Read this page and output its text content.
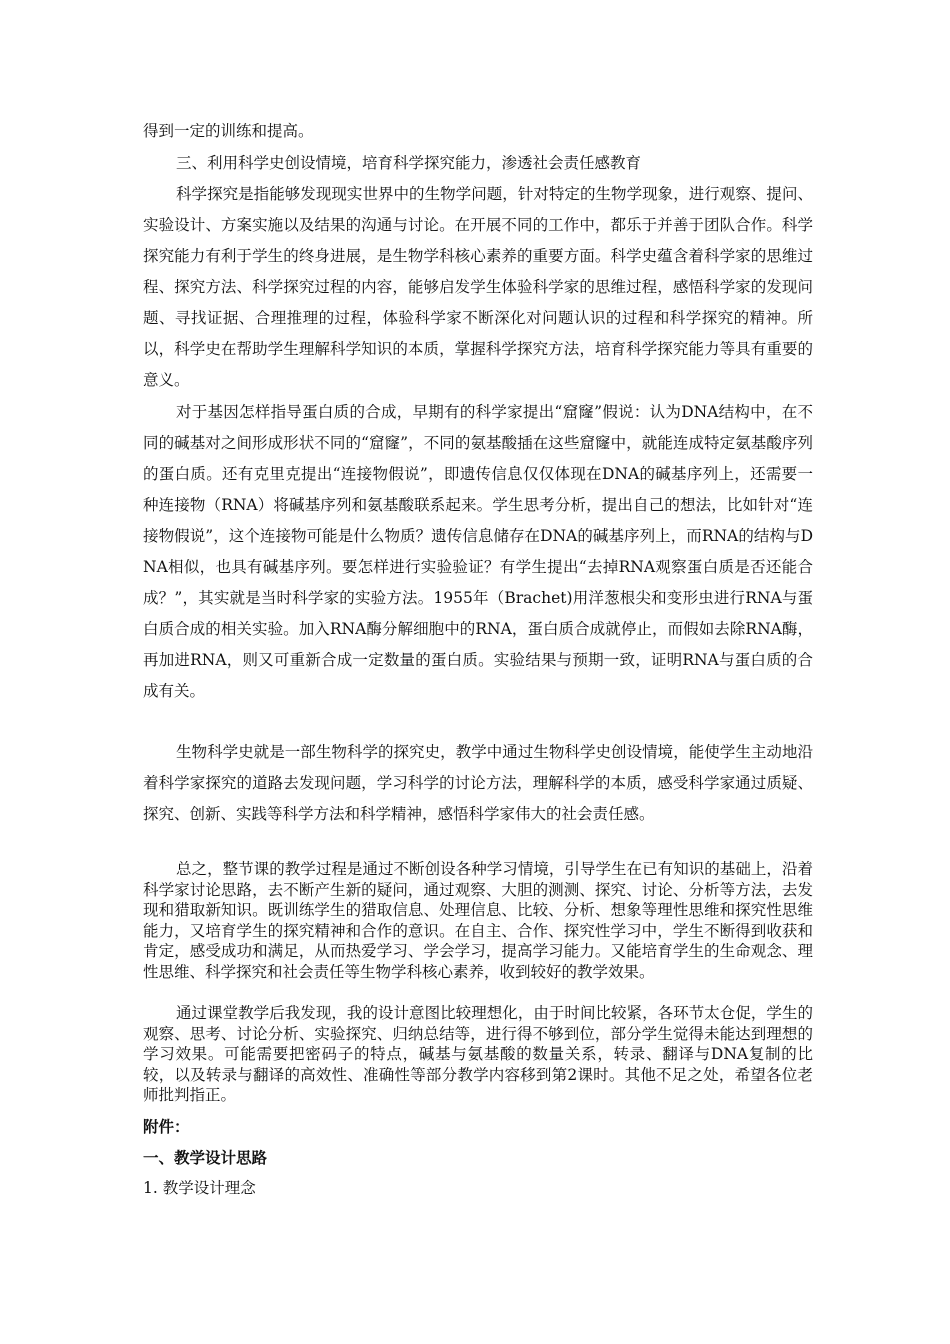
得到一定的训练和提高。

三、利用科学史创设情境，培育科学探究能力，渗透社会责任感教育

科学探究是指能够发现现实世界中的生物学问题，针对特定的生物学现象，进行观察、提问、实验设计、方案实施以及结果的沟通与讨论。在开展不同的工作中，都乐于并善于团队合作。科学探究能力有利于学生的终身进展，是生物学科核心素养的重要方面。科学史蕴含着科学家的思维过程、探究方法、科学探究过程的内容，能够启发学生体验科学家的思维过程，感悟科学家的发现问题、寻找证据、合理推理的过程，体验科学家不断深化对问题认识的过程和科学探究的精神。所以，科学史在帮助学生理解科学知识的本质，掌握科学探究方法，培育科学探究能力等具有重要的意义。

对于基因怎样指导蛋白质的合成，早期有的科学家提出“窟窿”假说：认为DNA结构中，在不同的碱基对之间形成形状不同的“窟窿”，不同的氨基酸插在这些窟窿中，就能连成特定氨基酸序列的蛋白质。还有克里克提出“连接物假说”，即遗传信息仅仅体现在DNA的碱基序列上，还需要一种连接物（RNA）将碱基序列和氨基酸联系起来。学生思考分析，提出自己的想法，比如针对“连接物假说”，这个连接物可能是什么物质？遗传信息储存在DNA的碱基序列上，而RNA的结构与DNA相似，也具有碱基序列。要怎样进行实验验证？有学生提出“去掉RNA观察蛋白质是否还能合成？”，其实就是当时科学家的实验方法。1955年（Brachet)用洋葱根尖和变形虫进行RNA与蛋白质合成的相关实验。加入RNA酶分解细胞中的RNA，蛋白质合成就停止，而假如去除RNA酶，再加进RNA，则又可重新合成一定数量的蛋白质。实验结果与预期一致，证明RNA与蛋白质的合成有关。

生物科学史就是一部生物科学的探究史，教学中通过生物科学史创设情境，能使学生主动地沿着科学家探究的道路去发现问题，学习科学的讨论方法，理解科学的本质，感受科学家通过质疑、探究、创新、实践等科学方法和科学精神，感悟科学家伟大的社会责任感。

总之，整节课的教学过程是通过不断创设各种学习情境，引导学生在已有知识的基础上，沿着科学家讨论思路，去不断产生新的疑问，通过观察、大胆的测测、探究、讨论、分析等方法，去发现和猎取新知识。既训练学生的猎取信息、处理信息、比较、分析、想象等理性思维和探究性思维能力，又培育学生的探究精神和合作的意识。在自主、合作、探究性学习中，学生不断得到收获和肯定，感受成功和满足，从而热爱学习、学会学习，提高学习能力。又能培育学生的生命观念、理性思维、科学探究和社会责任等生物学科核心素养，收到较好的教学效果。

通过课堂教学后我发现，我的设计意图比较理想化，由于时间比较紧，各环节太仓促，学生的观察、思考、讨论分析、实验探究、归纳总结等，进行得不够到位，部分学生觉得未能达到理想的学习效果。可能需要把密码子的特点，碱基与氨基酸的数量关系，转录、翻译与DNA复制的比较，以及转录与翻译的高效性、准确性等部分教学内容移到第2课时。其他不足之处，希望各位老师批判指正。

附件：

一、教学设计思路

1. 教学设计理念
